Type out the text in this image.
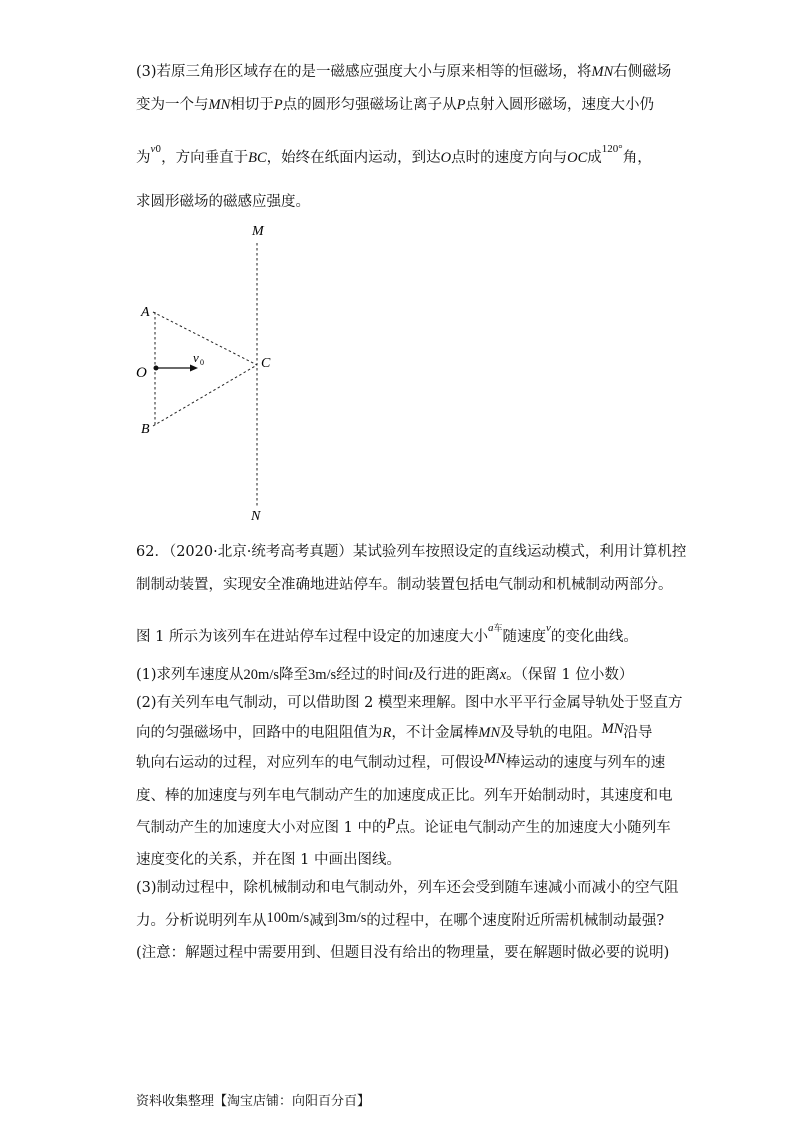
(3)若原三角形区域存在的是一磁感应强度大小与原来相等的恒磁场，将MN右侧磁场
变为一个与MN相切于P点的圆形匀强磁场让离子从P点射入圆形磁场，速度大小仍
为$^{v0}$，方向垂直于BC，始终在纸面内运动，到达O点时的速度方向与OC成$^{120^\circ}$角，
求圆形磁场的磁感应强度。
M
N
A
B
C
O
v 0
62．（2020·北京·统考高考真题）某试验列车按照设定的直线运动模式，利用计算机控
制制动装置，实现安全准确地进站停车。制动装置包括电气制动和机械制动两部分。
图 1 所示为该列车在进站停车过程中设定的加速度大小$^{a车}$随速度$^v$的变化曲线。
(1)求列车速度从20m/s降至3m/s经过的时间t及行进的距离x。（保留 1 位小数）
(2)有关列车电气制动，可以借助图 2 模型来理解。图中水平平行金属导轨处于竖直方
向的匀强磁场中，回路中的电阻阻值为R，不计金属棒MN及导轨的电阻。MN沿导
轨向右运动的过程，对应列车的电气制动过程，可假设MN棒运动的速度与列车的速
度、棒的加速度与列车电气制动产生的加速度成正比。列车开始制动时，其速度和电
气制动产生的加速度大小对应图 1 中的P点。论证电气制动产生的加速度大小随列车
速度变化的关系，并在图 1 中画出图线。
(3)制动过程中，除机械制动和电气制动外，列车还会受到随车速减小而减小的空气阻
力。分析说明列车从100m/s减到3m/s的过程中，在哪个速度附近所需机械制动最强?
(注意：解题过程中需要用到、但题目没有给出的物理量，要在解题时做必要的说明)
资料收集整理【淘宝店铺：向阳百分百】
